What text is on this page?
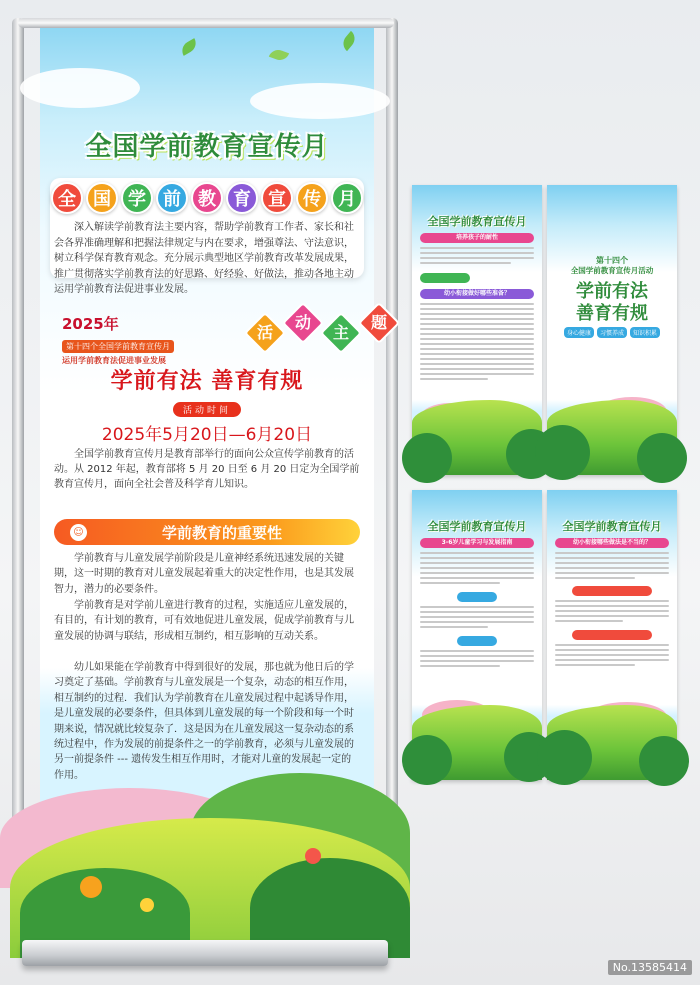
全国学前教育宣传月
全 国 学 前 教 育 宣 传 月
深入解读学前教育法主要内容，帮助学前教育工作者、家长和社会各界准确理解和把握法律规定与内在要求，增强尊法、守法意识，树立科学保育教育观念。充分展示典型地区学前教育改革发展成果，推广贯彻落实学前教育法的好思路、好经验、好做法，推动各地主动运用学前教育法促进事业发展。
2025年
第十四个全国学前教育宣传月
运用学前教育法促进事业发展
活
动
主
题
学前有法 善育有规
活动时间
2025年5月20日—6月20日
全国学前教育宣传月是教育部举行的面向公众宣传学前教育的活动。从 2012 年起，教育部将 5 月 20 日至 6 月 20 日定为全国学前教育宣传月，面向全社会普及科学育儿知识。
☺	学前教育的重要性
学前教育与儿童发展学前阶段是儿童神经系统迅速发展的关键期，这一时期的教育对儿童发展起着重大的决定性作用，也是其发展智力，潜力的必要条件。
学前教育是对学前儿童进行教育的过程，实施适应儿童发展的，有目的，有计划的教育，可有效地促进儿童发展，促成学前教育与儿童发展的协调与联结，形成相互制约，相互影响的互动关系。
幼儿如果能在学前教育中得到很好的发展，那也就为他日后的学习奠定了基础。学前教育与儿童发展是一个复杂，动态的相互作用，相互制约的过程．我们认为学前教育在儿童发展过程中起诱导作用，是儿童发展的必要条件，但具体到儿童发展的每一个阶段和每一个时期来说，情况就比较复杂了．这是因为在儿童发展这一复杂动态的系统过程中，作为发展的前提条件之一的学前教育，必须与儿童发展的另一前提条件 --- 遗传发生相互作用时，才能对儿童的发展起一定的作用。
全国学前教育宣传月
培养孩子的耐性
幼小衔接做好哪些准备？
第十四个
全国学前教育宣传月活动
学前有法
善育有规
身心健康	习惯养成	知识积累
全国学前教育宣传月
3-6岁儿童学习与发展指南
全国学前教育宣传月
幼小衔接哪些做法是不当的？
No.13585414
